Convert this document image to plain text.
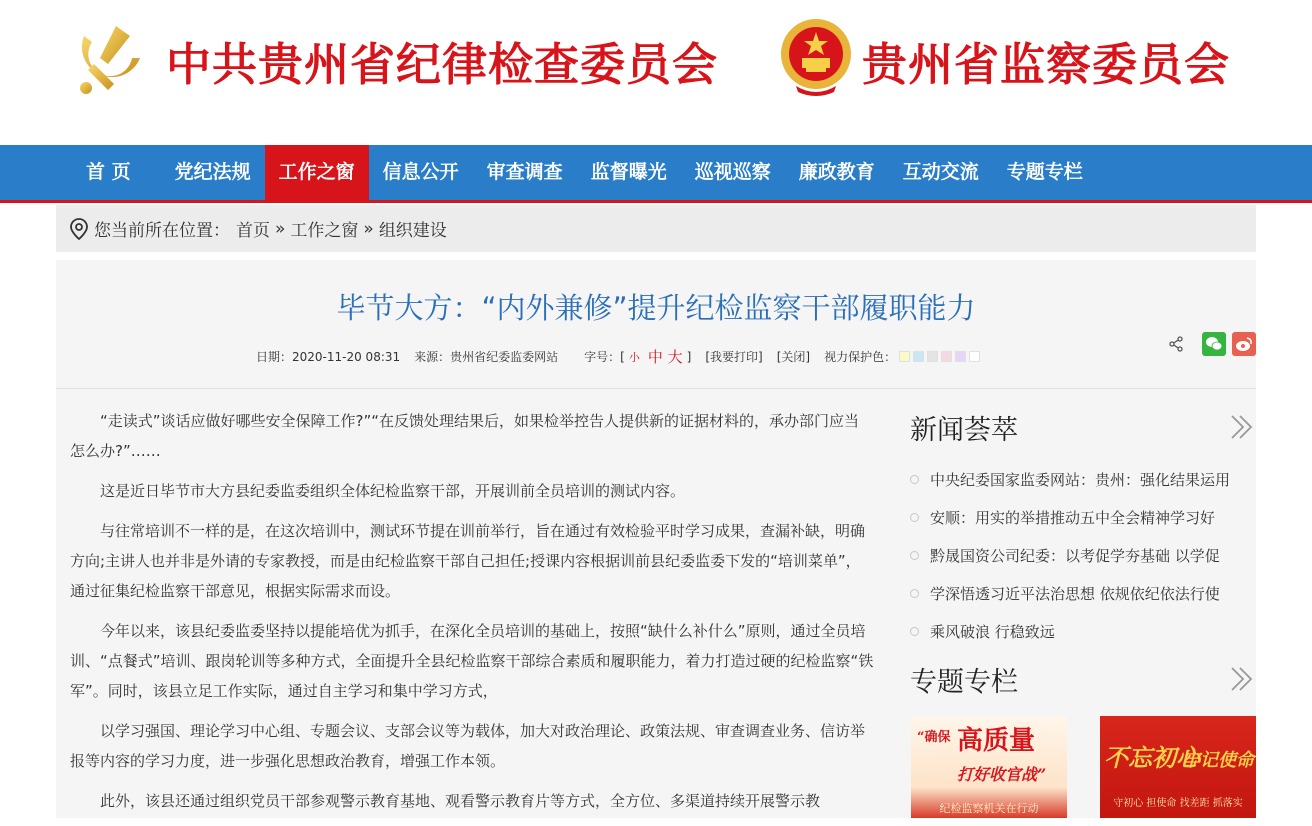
中共贵州省纪律检查委员会	贵州省监察委员会
首 页	党纪法规	工作之窗	信息公开	审查调查	监督曝光	巡视巡察	廉政教育	互动交流	专题专栏
您当前所在位置： 首页 » 工作之窗 » 组织建设
毕节大方：“内外兼修”提升纪检监察干部履职能力
日期：2020-11-20 08:31 来源：贵州省纪委监委网站 字号：[ 小 中 大 ] [我要打印] [关闭] 视力保护色：

“走读式”谈话应做好哪些安全保障工作?”“在反馈处理结果后，如果检举控告人提供新的证据材料的，承办部门应当怎么办?”……

这是近日毕节市大方县纪委监委组织全体纪检监察干部，开展训前全员培训的测试内容。

与往常培训不一样的是，在这次培训中，测试环节提在训前举行，旨在通过有效检验平时学习成果，查漏补缺，明确方向;主讲人也并非是外请的专家教授，而是由纪检监察干部自己担任;授课内容根据训前县纪委监委下发的“培训菜单”，通过征集纪检监察干部意见，根据实际需求而设。

今年以来，该县纪委监委坚持以提能培优为抓手，在深化全员培训的基础上，按照“缺什么补什么”原则，通过全员培训、“点餐式”培训、跟岗轮训等多种方式，全面提升全县纪检监察干部综合素质和履职能力，着力打造过硬的纪检监察“铁军”。同时，该县立足工作实际，通过自主学习和集中学习方式，

以学习强国、理论学习中心组、专题会议、支部会议等为载体，加大对政治理论、政策法规、审查调查业务、信访举报等内容的学习力度，进一步强化思想政治教育，增强工作本领。

此外，该县还通过组织党员干部参观警示教育基地、观看警示教育片等方式，全方位、多渠道持续开展警示教

新闻荟萃
中央纪委国家监委网站：贵州：强化结果运用
安顺：用实的举措推动五中全会精神学习好
黔晟国资公司纪委：以考促学夯基础 以学促
学深悟透习近平法治思想 依规依纪依法行使
乘风破浪 行稳致远
专题专栏
“确保 高质量
打好收官战”
纪检监察机关在行动
不忘初心
牢记使命
守初心 担使命 找差距 抓落实
